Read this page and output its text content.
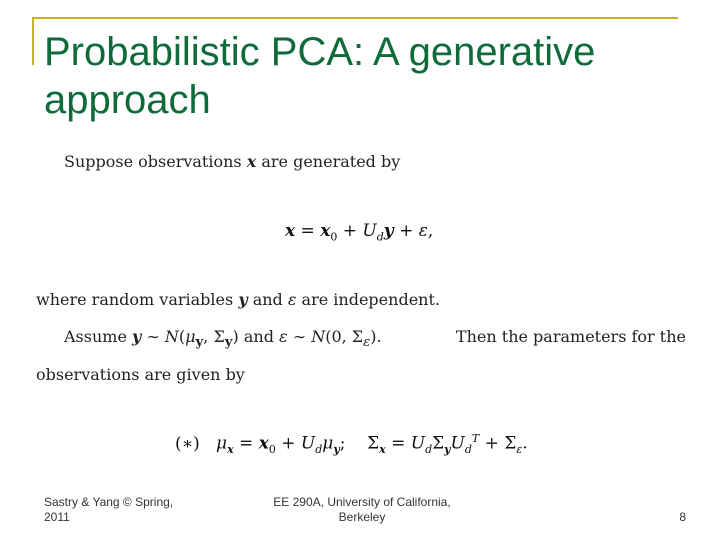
Probabilistic PCA: A generative approach
Suppose observations x are generated by
$x = x_0 + U_dy + \varepsilon$,
where random variables y and ε are independent.
Assume y ∼ $N(\mu_y$, $\Sigma_y$) and ε ∼ N(0, $\Sigma_\varepsilon$).	Then the parameters for the
observations are given by
(∗) $\mu_x = x_0 + U_d\mu_y$;    $\Sigma_x = U_d\Sigma_yU_d^T + \Sigma_\varepsilon$.
Sastry & Yang © Spring, 2011
EE 290A, University of California, Berkeley	8
